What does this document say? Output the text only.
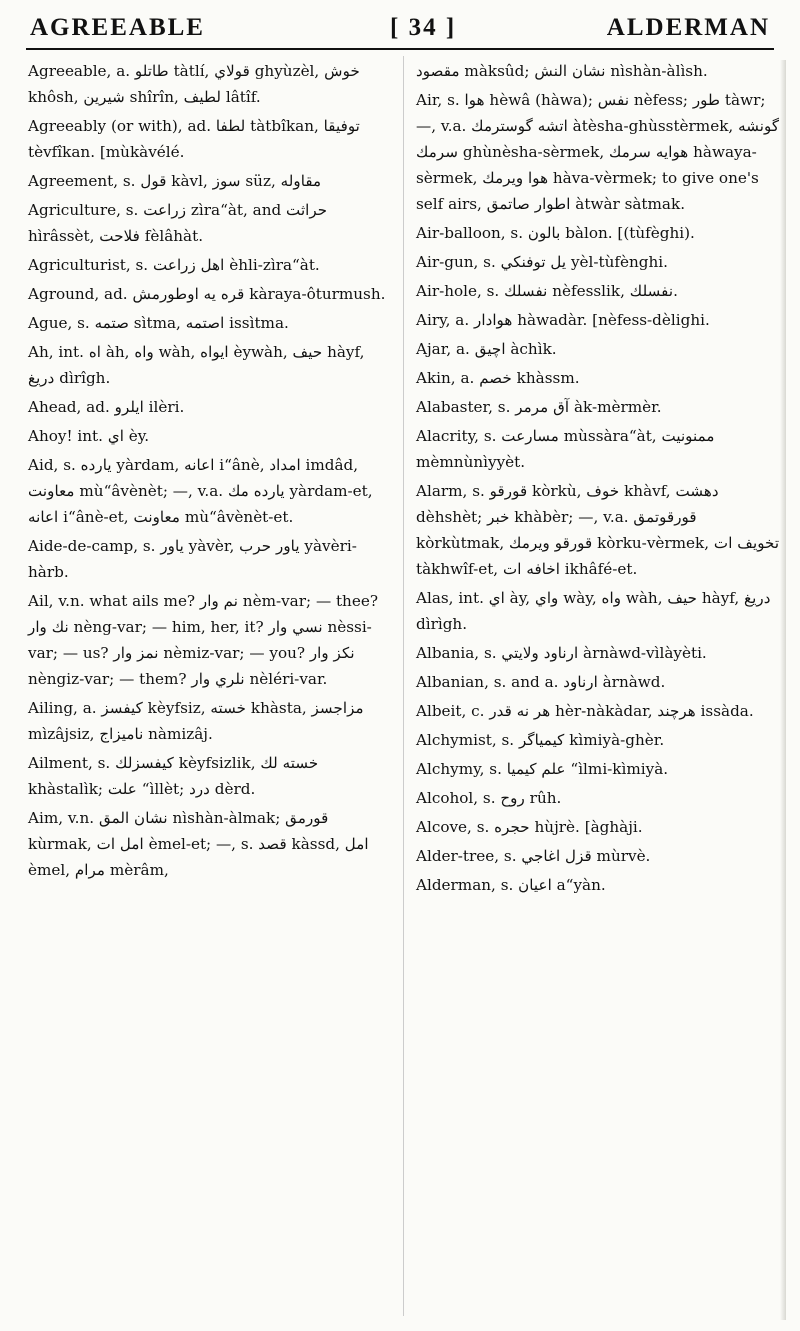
AGREEABLE	[ 34 ]	ALDERMAN

Agreeable, a. طاتلو tàtlí, قولاي ghyùzèl, خوش khôsh, شيرين shîrîn, لطيف lâtîf.

Agreeably (or with), ad. لطفا tàtbîkan, توفيقا tèvfîkan. [mùkàvélé.

Agreement, s. قول kàvl, سوز süz, مقاوله

Agriculture, s. زراعت zìra“àt, and حراثت hìrâssèt, فلاحت fèlâhàt.

Agriculturist, s. اهل زراعت èhli-zìra“àt.

Aground, ad. قره يه اوطورمش kàraya-ôturmush.

Ague, s. صتمه sìtma, اصتمه issìtma.

Ah, int. اه àh, واه wàh, ايواه èywàh, حيف hàyf, دريغ dìrîgh.

Ahead, ad. ايلرو ilèri.

Ahoy! int. اي èy.

Aid, s. يارده yàrdam, اعانه i“ânè, امداد imdâd, معاونت mù“âvènèt; —, v.a. يارده مك yàrdam-et, اعانه i“ânè-et, معاونت mù“âvènèt-et.

Aide-de-camp, s. ياور yàvèr, ياور حرب yàvèri-hàrb.

Ail, v.n. what ails me? نم وار nèm-var; — thee? نك وار nèng-var; — him, her, it? نسي وار nèssi-var; — us? نمز وار nèmiz-var; — you? نكز وار nèngiz-var; — them? نلري وار nèléri-var.

Ailing, a. كيفسز kèyfsiz, خسته khàsta, مزاجسز mìzâjsiz, ناميزاج nàmizâj.

Ailment, s. كيفسزلك kèyfsizlik, خسته لك khàstalìk; علت “ìllèt; درد dèrd.

Aim, v.n. نشان المق nìshàn-àlmak; قورمق kùrmak, امل ات èmel-et; —, s. قصد kàssd, امل èmel, مرام mèrâm,

مقصود màksûd; نشان النش nìshàn-àlìsh.

Air, s. هوا hèwâ (hàwa); نفس nèfess; طور tàwr; —, v.a. اتشه گوسترمك àtèsha-ghùsstèrmek, گونشه سرمك ghùnèsha-sèrmek, هوايه سرمك hàwaya-sèrmek, هوا ويرمك hàva-vèrmek; to give one's self airs, اطوار صاتمق àtwàr sàtmak.

Air-balloon, s. بالون bàlon. [(tùfèghi).

Air-gun, s. يل توفنكي yèl-tùfènghi.

Air-hole, s. نفسلك nèfesslik, نفسلك.

Airy, a. هوادار hàwadàr. [nèfess-dèlighi.

Ajar, a. اچيق àchìk.

Akin, a. خصم khàssm.

Alabaster, s. آق مرمر àk-mèrmèr.

Alacrity, s. مسارعت mùssàra“àt, ممنونيت mèmnùnìyyèt.

Alarm, s. قورقو kòrkù, خوف khàvf, دهشت dèhshèt; خبر khàbèr; —, v.a. قورقوتمق kòrkùtmak, قورقو ويرمك kòrku-vèrmek, تخويف ات tàkhwîf-et, اخافه ات ikhâfé-et.

Alas, int. اي ày, واي wày, واه wàh, حيف hàyf, دريغ dìrìgh.

Albania, s. ارناود ولايتي àrnàwd-vìlàyèti.

Albanian, s. and a. ارناود àrnàwd.

Albeit, c. هر نه قدر hèr-nàkàdar, هرچند issàda.

Alchymist, s. كيمياگر kìmiyà-ghèr.

Alchymy, s. علم كيميا “ìlmi-kìmiyà.

Alcohol, s. روح rûh.

Alcove, s. حجره hùjrè. [àghàji.

Alder-tree, s. قزل اغاجي mùrvè.

Alderman, s. اعيان a“yàn.
